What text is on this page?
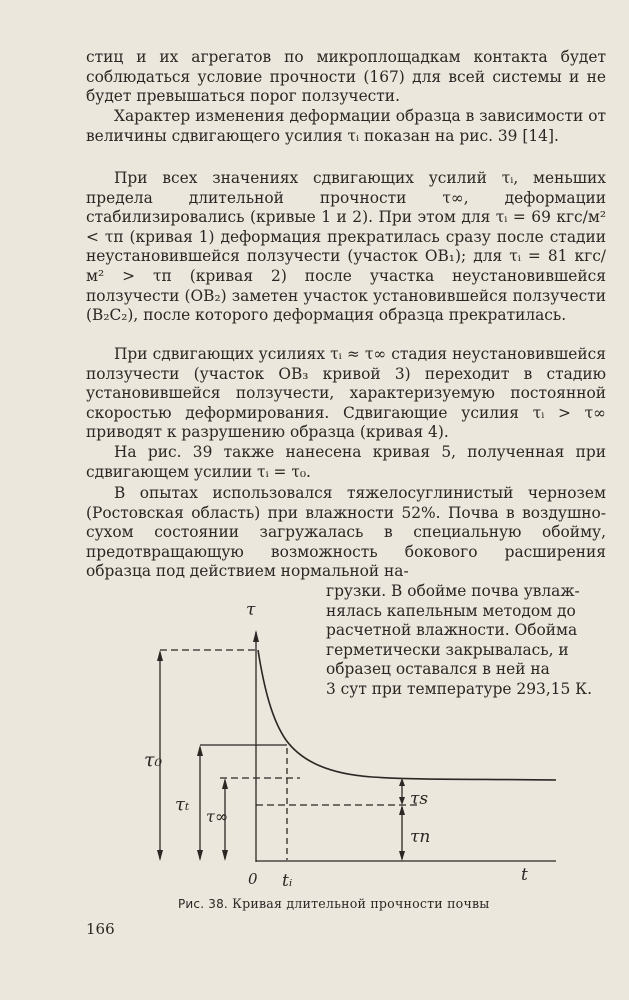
стиц и их агрегатов по микроплощадкам контакта будет соблюдаться условие прочности (167) для всей системы и не будет превышаться порог ползучести.

Характер изменения деформации образца в зависимости от величины сдвигающего усилия τᵢ показан на рис. 39 [14].

При всех значениях сдвигающих усилий τᵢ, меньших предела длительной прочности τ∞, деформации стабилизировались (кривые 1 и 2). При этом для τᵢ = 69 кгс/м² < τп (кривая 1) деформация прекратилась сразу после стадии неустановившейся ползучести (участок OB₁); для τᵢ = 81 кгс/м² > τп (кривая 2) после участка неустановившейся ползучести (OB₂) заметен участок установившейся ползучести (B₂C₂), после которого деформация образца прекратилась.

При сдвигающих усилиях τᵢ ≈ τ∞ стадия неустановившейся ползучести (участок OB₃ кривой 3) переходит в стадию установившейся ползучести, характеризуемую постоянной скоростью деформирования. Сдвигающие усилия τᵢ > τ∞ приводят к разрушению образца (кривая 4).

На рис. 39 также нанесена кривая 5, полученная при сдвигающем усилии τᵢ = τ₀.

В опытах использовался тяжелосуглинистый чернозем (Ростовская область) при влажности 52%. Почва в воздушно-сухом состоянии загружалась в специальную обойму, предотвращающую возможность бокового расширения образца под действием нормальной на-

грузки. В обойме почва увлаж-
нялась капельным методом до
расчетной влажности. Обойма
герметически закрывалась, и
образец оставался в ней на
3 сут при температуре 293,15 К.
τ
t
0 tᵢ
τ₀
τₜ
τ∞
τs
τп
Рис. 38. Кривая длительной прочности почвы
166
